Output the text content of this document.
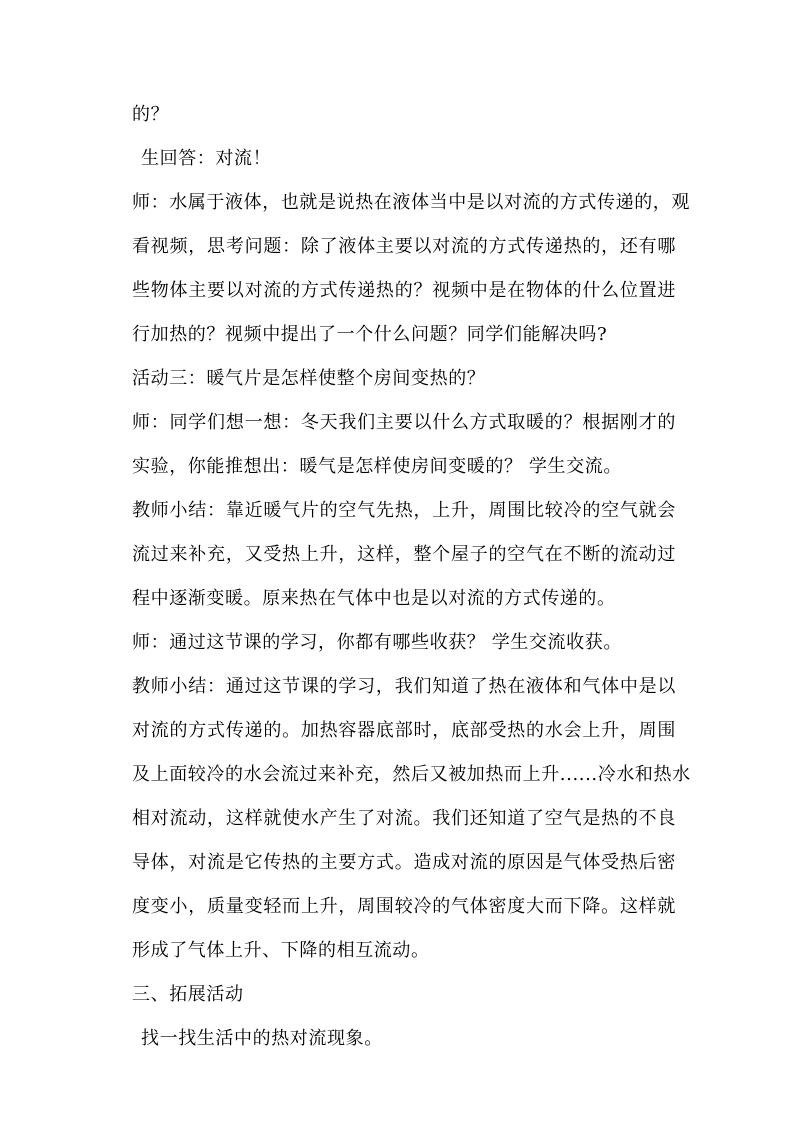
的？
生回答：对流！
师：水属于液体，也就是说热在液体当中是以对流的方式传递的，观
看视频，思考问题：除了液体主要以对流的方式传递热的，还有哪
些物体主要以对流的方式传递热的？视频中是在物体的什么位置进
行加热的？视频中提出了一个什么问题？同学们能解决吗?
活动三：暖气片是怎样使整个房间变热的？
师：同学们想一想：冬天我们主要以什么方式取暖的？根据刚才的
实验，你能推想出：暖气是怎样使房间变暖的？ 学生交流。
教师小结：靠近暖气片的空气先热，上升，周围比较冷的空气就会
流过来补充，又受热上升，这样，整个屋子的空气在不断的流动过
程中逐渐变暖。原来热在气体中也是以对流的方式传递的。
师：通过这节课的学习，你都有哪些收获？ 学生交流收获。
教师小结：通过这节课的学习，我们知道了热在液体和气体中是以
对流的方式传递的。加热容器底部时，底部受热的水会上升，周围
及上面较冷的水会流过来补充，然后又被加热而上升......冷水和热水
相对流动，这样就使水产生了对流。我们还知道了空气是热的不良
导体，对流是它传热的主要方式。造成对流的原因是气体受热后密
度变小，质量变轻而上升，周围较冷的气体密度大而下降。这样就
形成了气体上升、下降的相互流动。
三、拓展活动
找一找生活中的热对流现象。
